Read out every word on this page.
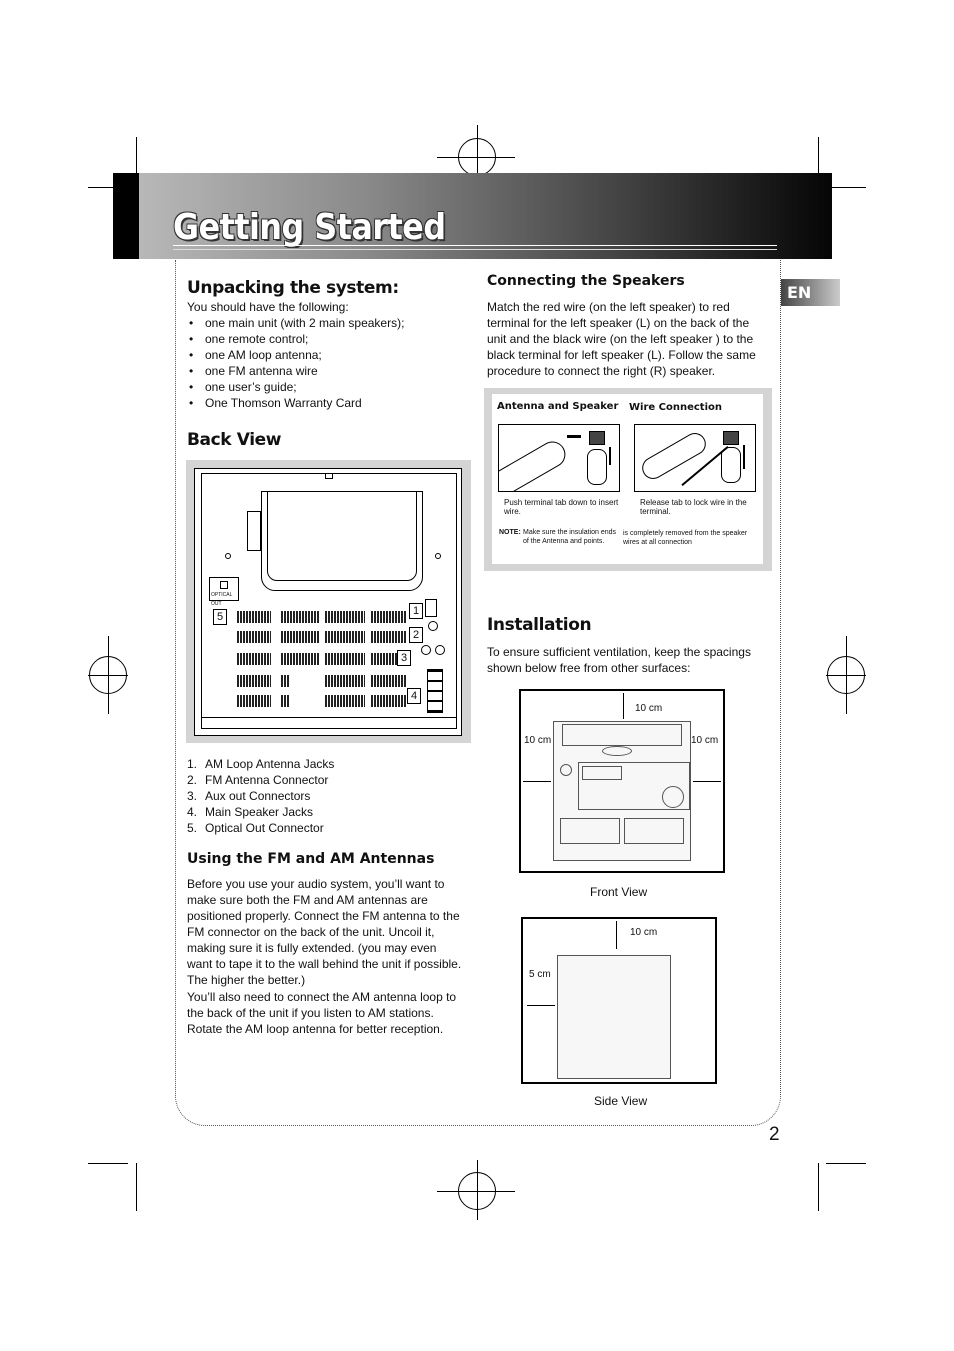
Getting Started
EN
Unpacking the system:
You should have the following:
• one main unit (with 2 main speakers);
• one remote control;
• one AM loop antenna;
• one FM antenna wire
• one user’s guide;
• One Thomson Warranty Card
Back View
OPTICAL OUT
1
2
3
4
5
1. AM Loop Antenna Jacks
2. FM Antenna Connector
3. Aux out Connectors
4. Main Speaker Jacks
5. Optical Out Connector
Using the FM and AM Antennas
Before you use your audio system, you’ll want to make sure both the FM and AM antennas are positioned properly. Connect the FM antenna to the FM connector on the back of the unit. Uncoil it, making sure it is fully extended. (you may even want to tape it to the wall behind the unit if possible. The higher the better.)
You’ll also need to connect the AM antenna loop to the back of the unit if you listen to AM stations. Rotate the AM loop antenna for better reception.
Connecting the Speakers
Match the red wire (on the left speaker) to red terminal for the left speaker (L) on the back of the unit and the black wire (on the left speaker ) to the black terminal for left speaker (L). Follow the same procedure to connect the right (R) speaker.
Antenna and Speaker Wire Connection
Push terminal tab down to insert wire.
Release tab to lock wire in the terminal.
NOTE: Make sure the insulation ends of the Antenna and points.
is completely removed from the speaker wires at all connection
Installation
To ensure sufficient ventilation, keep the spacings shown below free from other surfaces:
10 cm
10 cm	10 cm
Front View
10 cm
5 cm
Side View
2
